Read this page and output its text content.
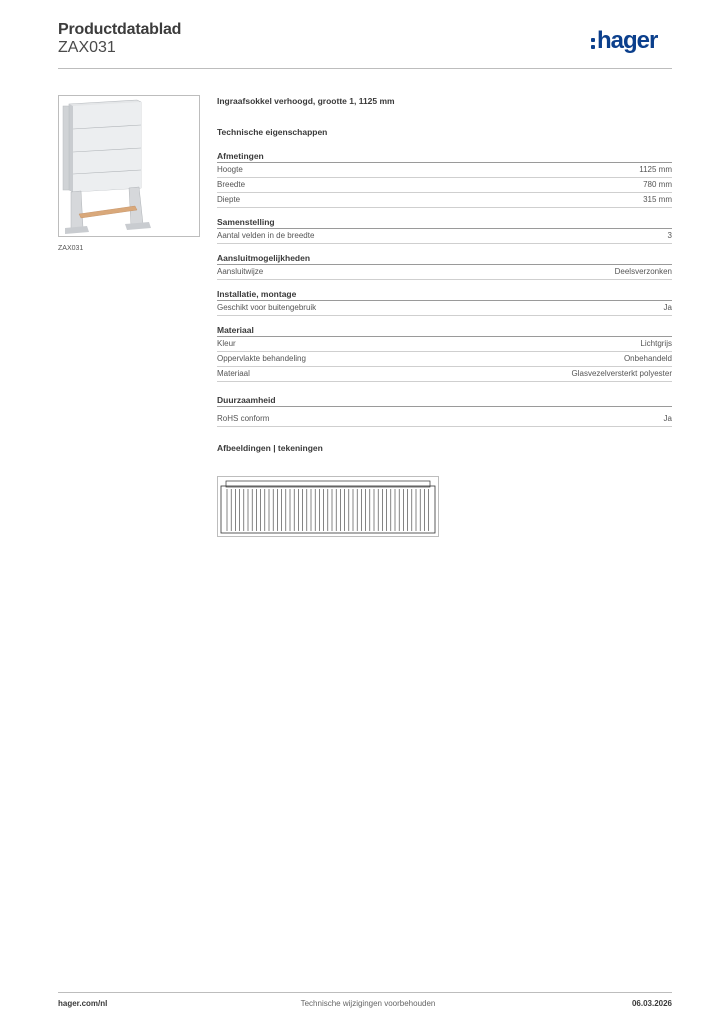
Productdatablad
ZAX031	hager
ZAX031
Ingraafsokkel verhoogd, grootte 1, 1125 mm
Technische eigenschappen
Afmetingen
Hoogte	1125 mm
Breedte	780 mm
Diepte	315 mm
Samenstelling
Aantal velden in de breedte	3
Aansluitmogelijkheden
Aansluitwijze	Deelsverzonken
Installatie, montage
Geschikt voor buitengebruik	Ja
Materiaal
Kleur	Lichtgrijs
Oppervlakte behandeling	Onbehandeld
Materiaal	Glasvezelversterkt polyester
Duurzaamheid
RoHS conform	Ja
Afbeeldingen | tekeningen
hager.com/nl	Technische wijzigingen voorbehouden	06.03.2026
